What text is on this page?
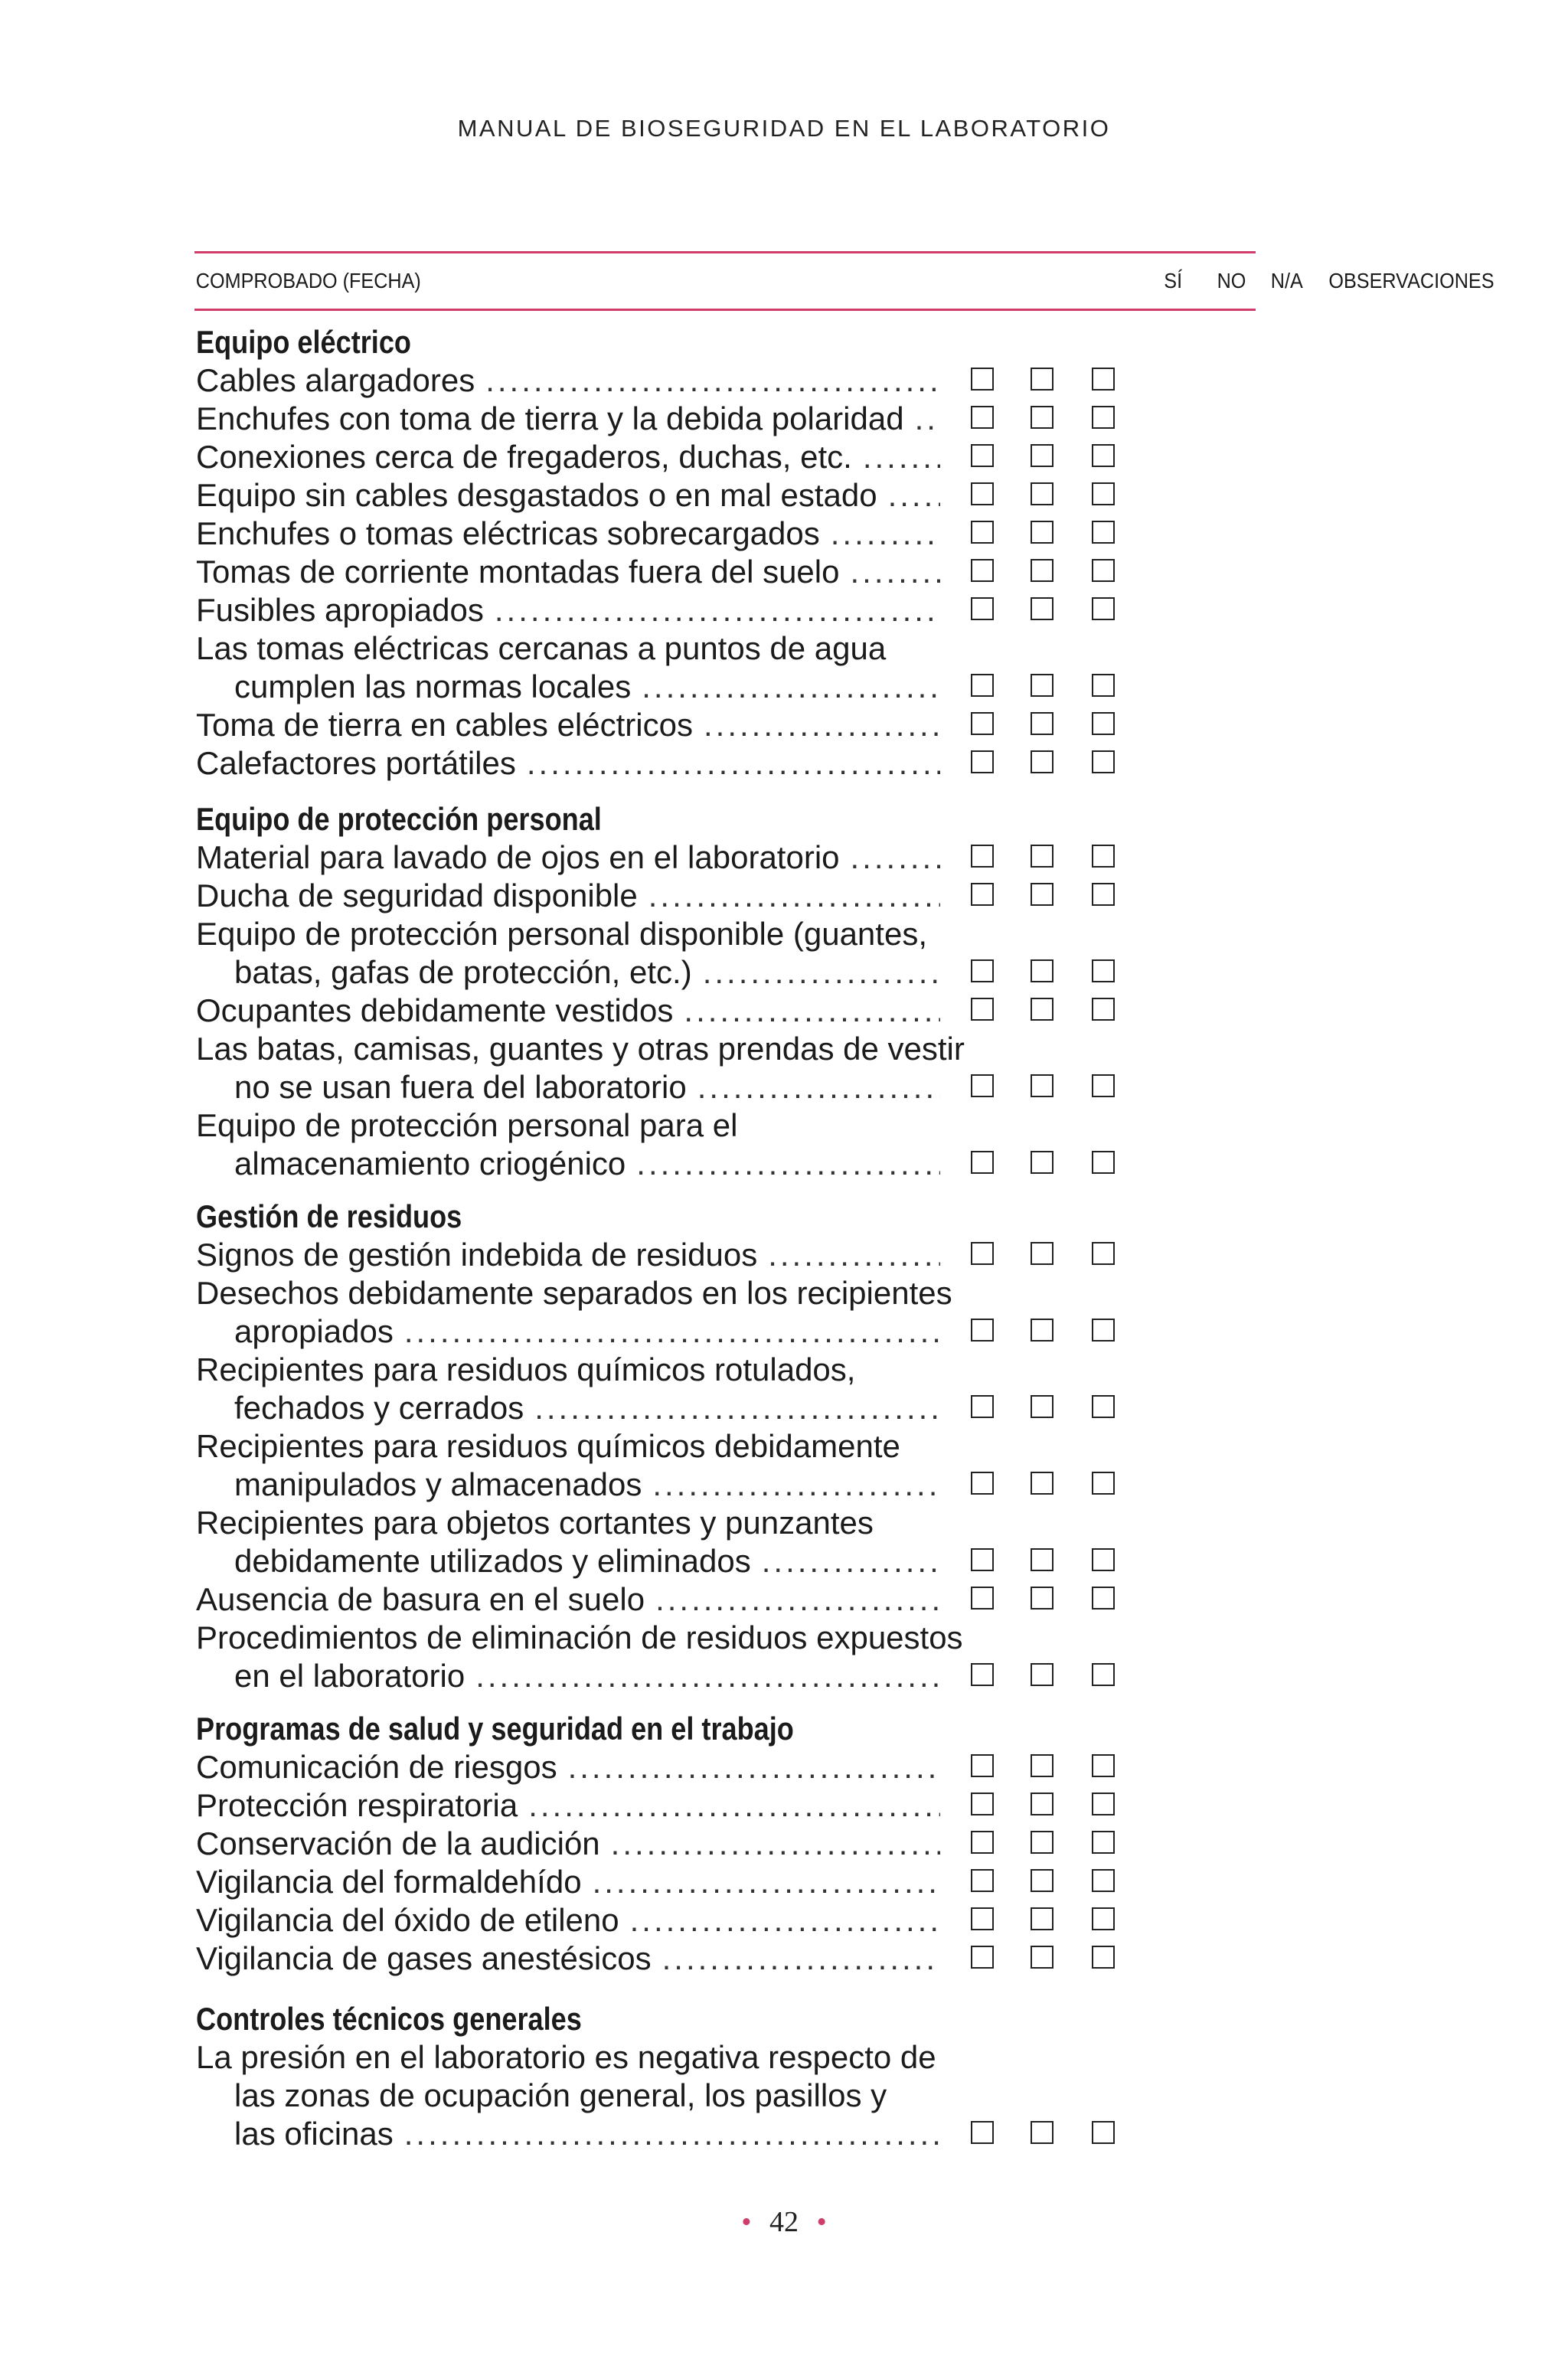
MANUAL DE BIOSEGURIDAD EN EL LABORATORIO
COMPROBADO (FECHA)	SÍ NO N/A OBSERVACIONES
Equipo eléctrico
Cables alargadores
.....
Enchufes con toma de tierra y la debida polaridad
.....
Conexiones cerca de fregaderos, duchas, etc.
.....
Equipo sin cables desgastados o en mal estado
.....
Enchufes o tomas eléctricas sobrecargados
.....
Tomas de corriente montadas fuera del suelo
.....
Fusibles apropiados
.....
Las tomas eléctricas cercanas a puntos de agua
cumplen las normas locales
.....
Toma de tierra en cables eléctricos
.....
Calefactores portátiles
.....
Equipo de protección personal
Material para lavado de ojos en el laboratorio
.....
Ducha de seguridad disponible
.....
Equipo de protección personal disponible (guantes,
batas, gafas de protección, etc.)
.....
Ocupantes debidamente vestidos
.....
Las batas, camisas, guantes y otras prendas de vestir
no se usan fuera del laboratorio
.....
Equipo de protección personal para el
almacenamiento criogénico
.....
Gestión de residuos
Signos de gestión indebida de residuos
.....
Desechos debidamente separados en los recipientes
apropiados
.....
Recipientes para residuos químicos rotulados,
fechados y cerrados
.....
Recipientes para residuos químicos debidamente
manipulados y almacenados
.....
Recipientes para objetos cortantes y punzantes
debidamente utilizados y eliminados
.....
Ausencia de basura en el suelo
.....
Procedimientos de eliminación de residuos expuestos
en el laboratorio
.....
Programas de salud y seguridad en el trabajo
Comunicación de riesgos
.....
Protección respiratoria
.....
Conservación de la audición
.....
Vigilancia del formaldehído
.....
Vigilancia del óxido de etileno
.....
Vigilancia de gases anestésicos
.....
Controles técnicos generales
La presión en el laboratorio es negativa respecto de
las zonas de ocupación general, los pasillos y
las oficinas
.....
• 42 •
